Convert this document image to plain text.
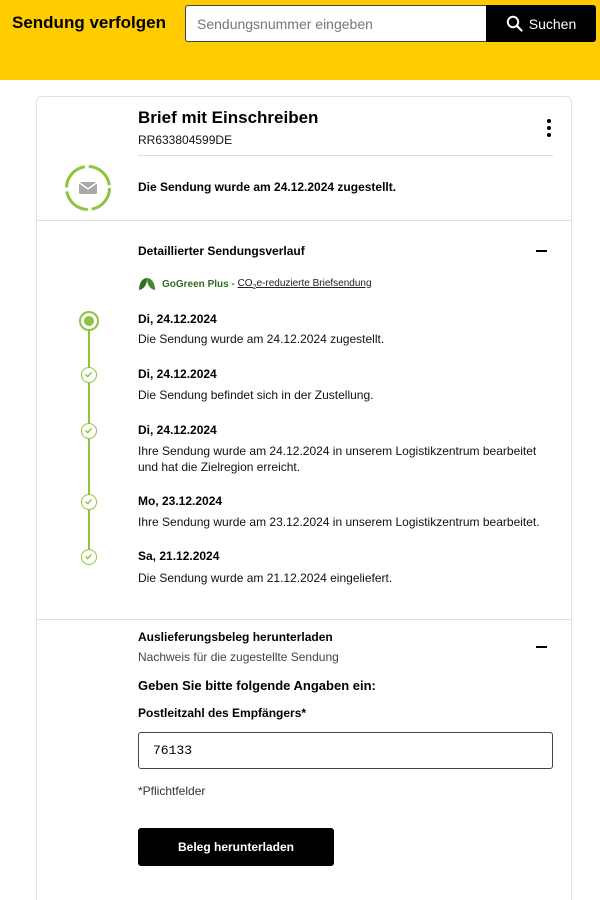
Sendung verfolgen
Sendungsnummer eingeben	Suchen
Brief mit Einschreiben
RR633804599DE
Die Sendung wurde am 24.12.2024 zugestellt.
Detaillierter Sendungsverlauf
GoGreen Plus - $CO_2e$-reduzierte Briefsendung
Di, 24.12.2024
Die Sendung wurde am 24.12.2024 zugestellt.
Di, 24.12.2024
Die Sendung befindet sich in der Zustellung.
Di, 24.12.2024
Ihre Sendung wurde am 24.12.2024 in unserem Logistikzentrum bearbeitet und hat die Zielregion erreicht.
Mo, 23.12.2024
Ihre Sendung wurde am 23.12.2024 in unserem Logistikzentrum bearbeitet.
Sa, 21.12.2024
Die Sendung wurde am 21.12.2024 eingeliefert.
Auslieferungsbeleg herunterladen
Nachweis für die zugestellte Sendung
Geben Sie bitte folgende Angaben ein:
Postleitzahl des Empfängers*
76133
*Pflichtfelder
Beleg herunterladen
